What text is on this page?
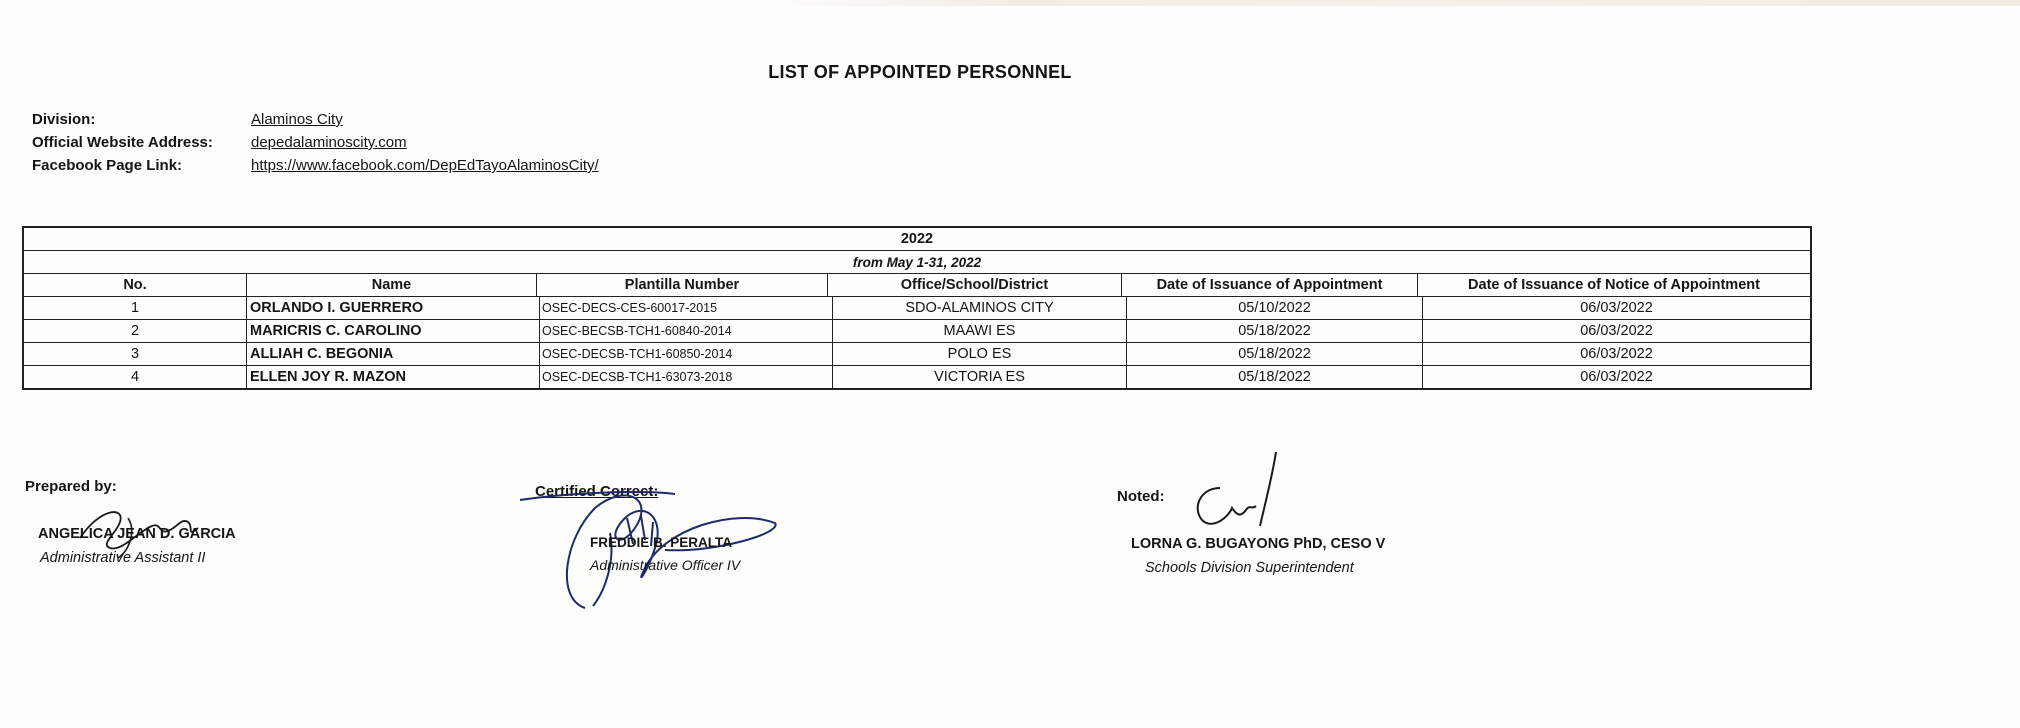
LIST OF APPOINTED PERSONNEL
Division:	Alaminos City
Official Website Address:	depedalaminoscity.com
Facebook Page Link:	https://www.facebook.com/DepEdTayoAlaminosCity/
2022
from May 1-31, 2022
No.	Name	Plantilla Number	Office/School/District	Date of Issuance of Appointment	Date of Issuance of Notice of Appointment
1	ORLANDO I. GUERRERO	OSEC-DECS-CES-60017-2015	SDO-ALAMINOS CITY	05/10/2022	06/03/2022
2	MARICRIS C. CAROLINO	OSEC-BECSB-TCH1-60840-2014	MAAWI ES	05/18/2022	06/03/2022
3	ALLIAH C. BEGONIA	OSEC-DECSB-TCH1-60850-2014	POLO ES	05/18/2022	06/03/2022
4	ELLEN JOY R. MAZON	OSEC-DECSB-TCH1-63073-2018	VICTORIA ES	05/18/2022	06/03/2022
Prepared by:
ANGELICA JEAN D. GARCIA
Administrative Assistant II
Certified Correct:
FREDDIE B. PERALTA
Administrative Officer IV
Noted:
LORNA G. BUGAYONG PhD, CESO V
Schools Division Superintendent
